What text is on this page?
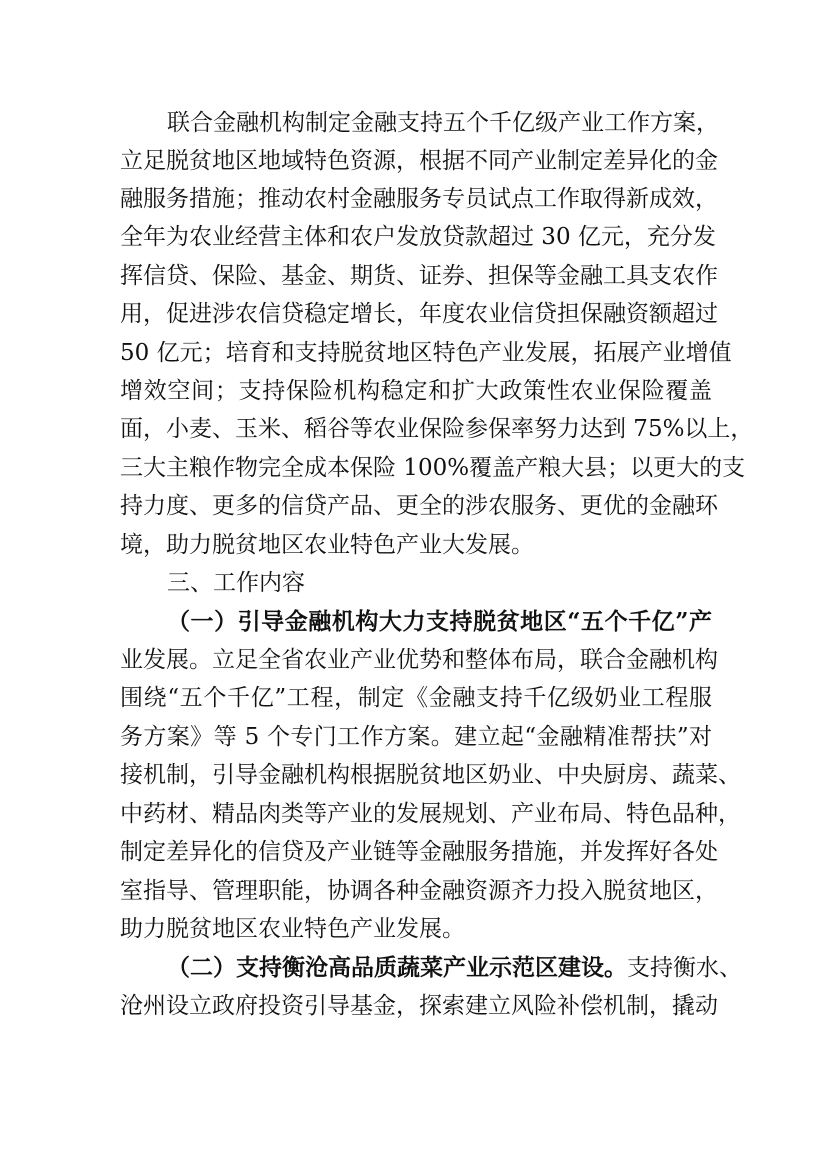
联合金融机构制定金融支持五个千亿级产业工作方案，
立足脱贫地区地域特色资源，根据不同产业制定差异化的金
融服务措施；推动农村金融服务专员试点工作取得新成效，
全年为农业经营主体和农户发放贷款超过 30 亿元，充分发
挥信贷、保险、基金、期货、证券、担保等金融工具支农作
用，促进涉农信贷稳定增长，年度农业信贷担保融资额超过
50 亿元；培育和支持脱贫地区特色产业发展，拓展产业增值
增效空间；支持保险机构稳定和扩大政策性农业保险覆盖
面，小麦、玉米、稻谷等农业保险参保率努力达到 75%以上，
三大主粮作物完全成本保险 100%覆盖产粮大县；以更大的支
持力度、更多的信贷产品、更全的涉农服务、更优的金融环
境，助力脱贫地区农业特色产业大发展。
三、工作内容
（一）引导金融机构大力支持脱贫地区“五个千亿”产
业发展。立足全省农业产业优势和整体布局，联合金融机构
围绕“五个千亿”工程，制定《金融支持千亿级奶业工程服
务方案》等 5 个专门工作方案。建立起“金融精准帮扶”对
接机制，引导金融机构根据脱贫地区奶业、中央厨房、蔬菜、
中药材、精品肉类等产业的发展规划、产业布局、特色品种，
制定差异化的信贷及产业链等金融服务措施，并发挥好各处
室指导、管理职能，协调各种金融资源齐力投入脱贫地区，
助力脱贫地区农业特色产业发展。
（二）支持衡沧高品质蔬菜产业示范区建设。支持衡水、
沧州设立政府投资引导基金，探索建立风险补偿机制，撬动
